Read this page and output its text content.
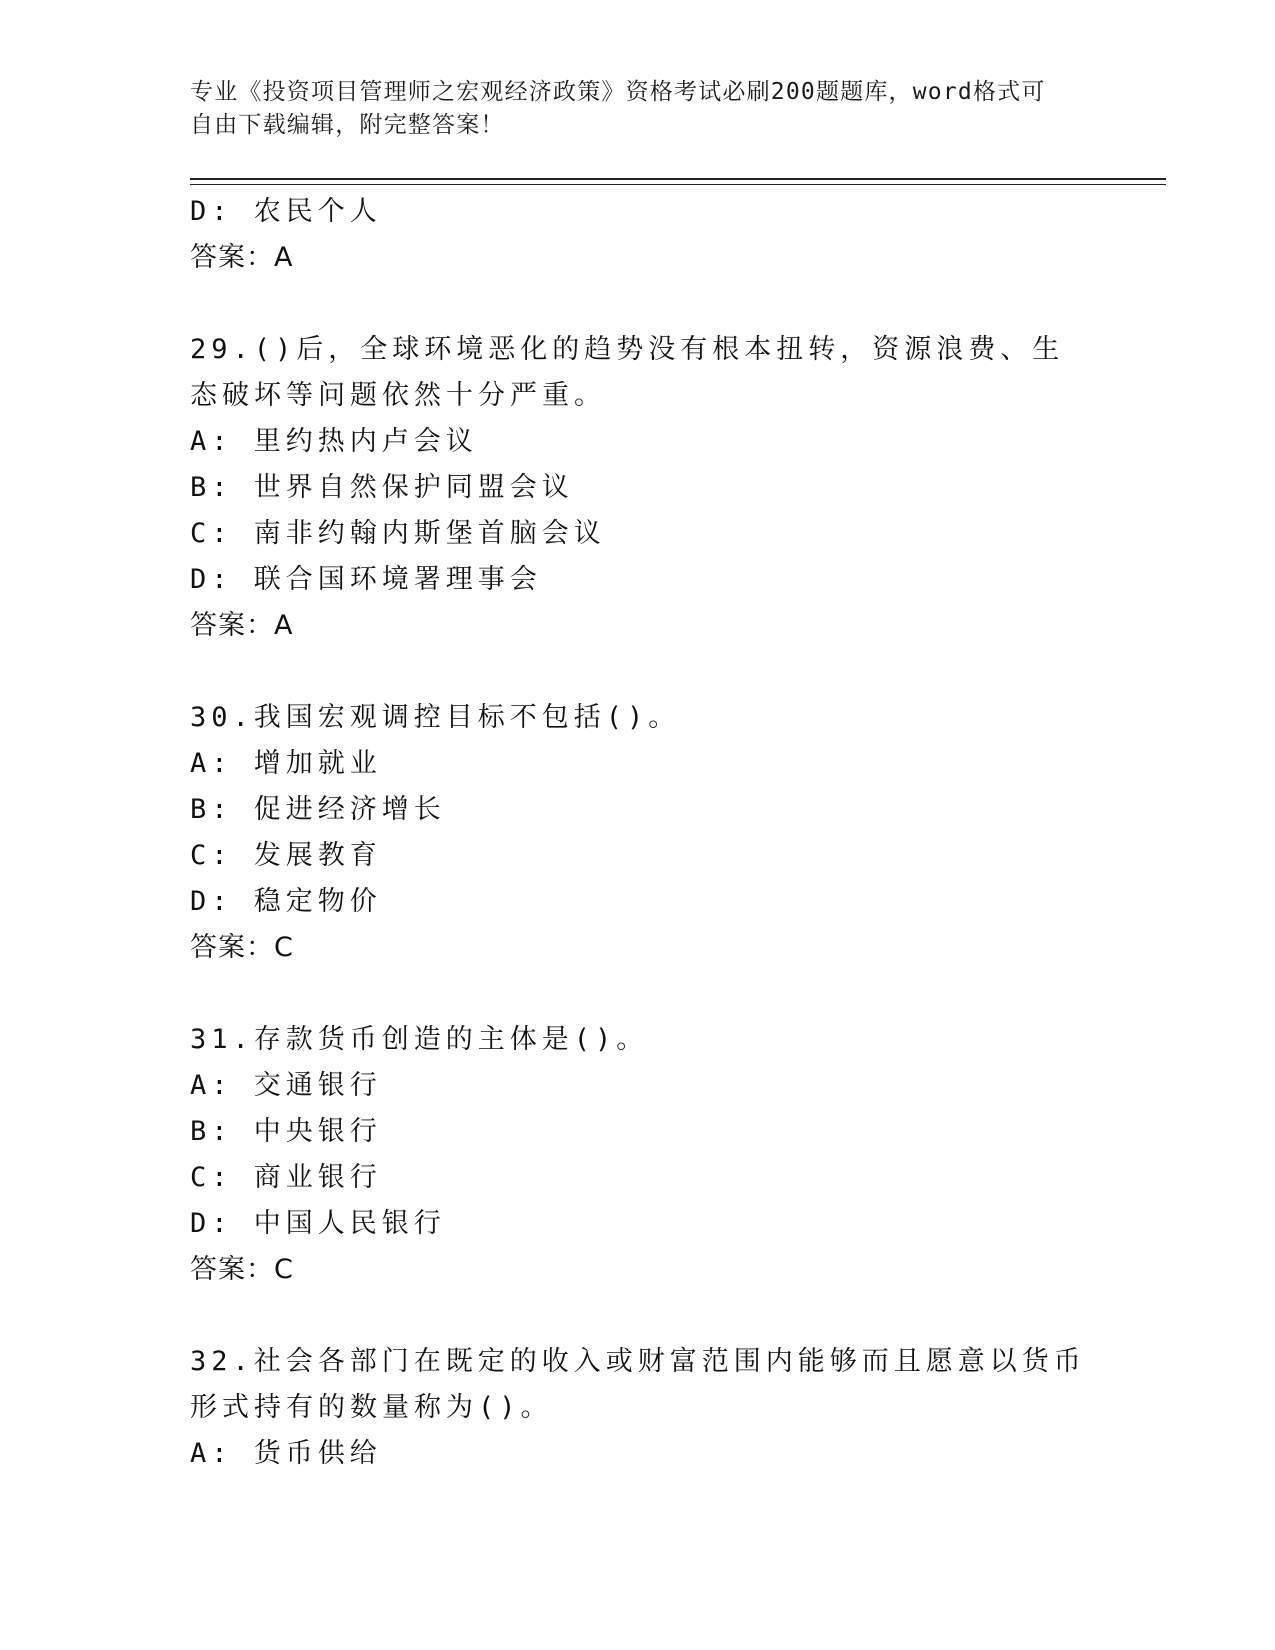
专业《投资项目管理师之宏观经济政策》资格考试必刷200题题库，word格式可
自由下载编辑，附完整答案！
D: 农民个人
答案：A
29.()后，全球环境恶化的趋势没有根本扭转，资源浪费、生态破坏等问题依然十分严重。
A: 里约热内卢会议
B: 世界自然保护同盟会议
C: 南非约翰内斯堡首脑会议
D: 联合国环境署理事会
答案：A
30.我国宏观调控目标不包括()。
A: 增加就业
B: 促进经济增长
C: 发展教育
D: 稳定物价
答案：C
31.存款货币创造的主体是()。
A: 交通银行
B: 中央银行
C: 商业银行
D: 中国人民银行
答案：C
32.社会各部门在既定的收入或财富范围内能够而且愿意以货币形式持有的数量称为()。
A: 货币供给
